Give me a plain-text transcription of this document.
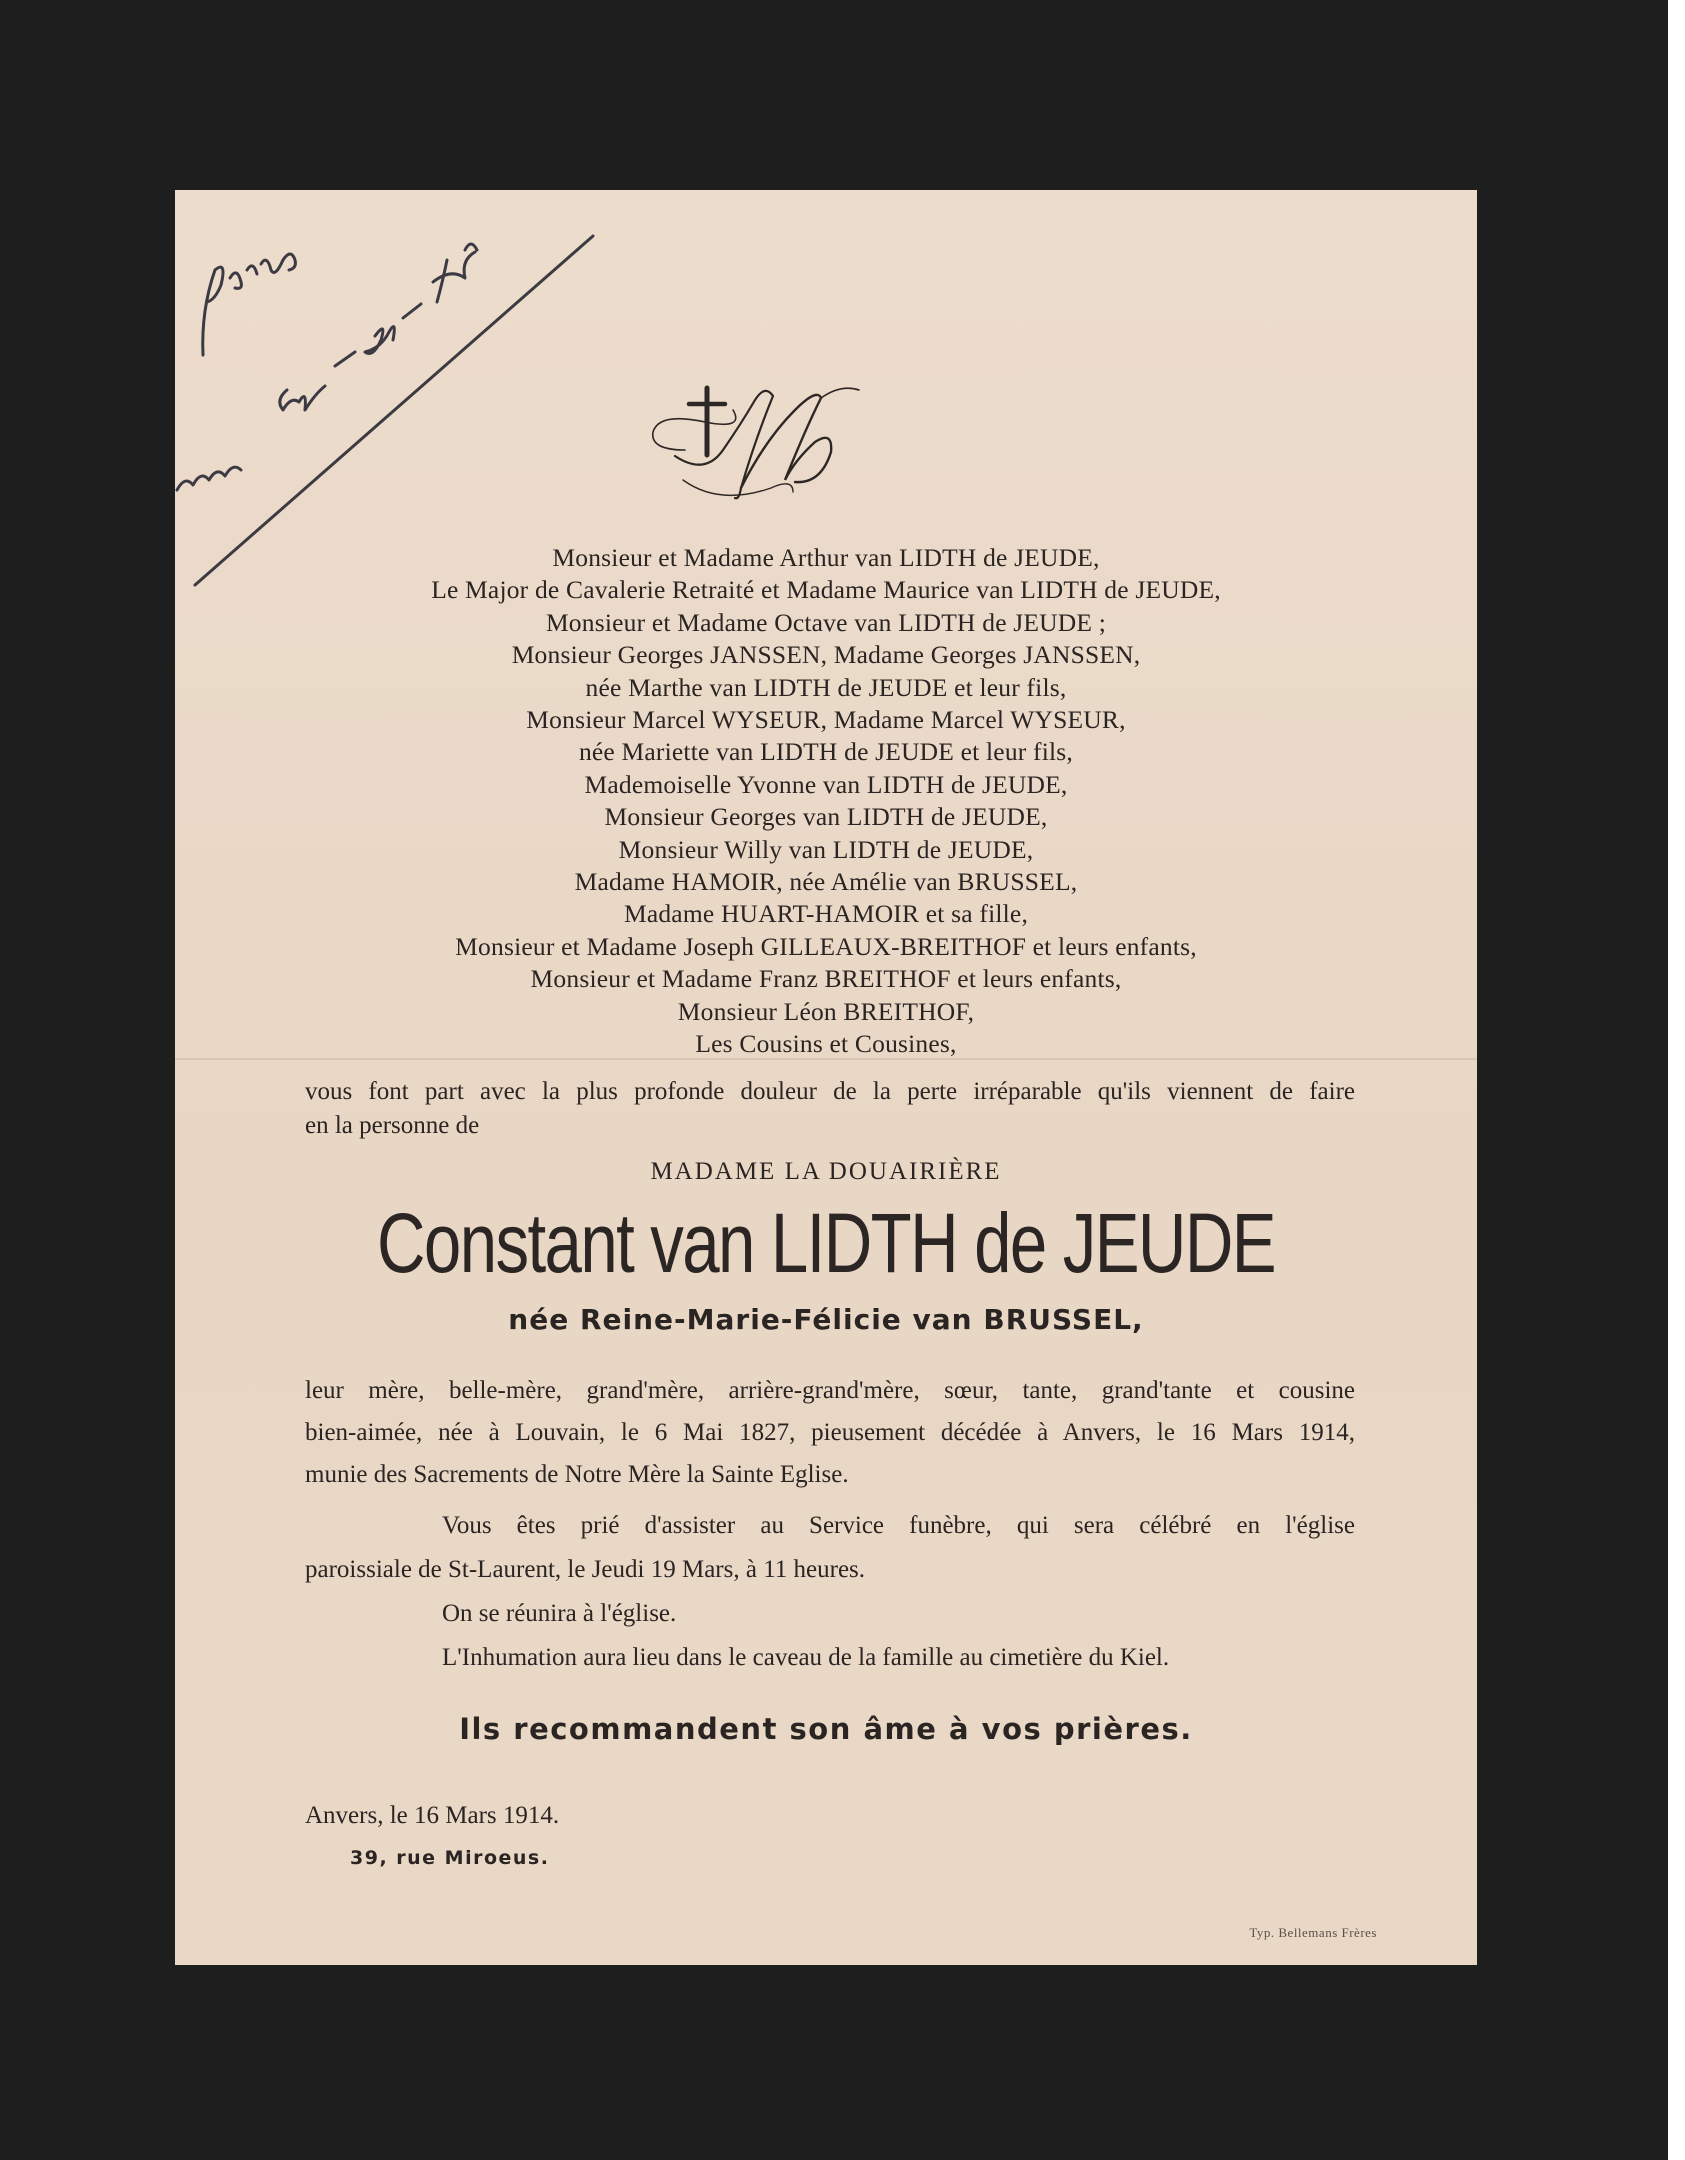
Monsieur et Madame Arthur van LIDTH de JEUDE,
Le Major de Cavalerie Retraité et Madame Maurice van LIDTH de JEUDE,
Monsieur et Madame Octave van LIDTH de JEUDE ;
Monsieur Georges JANSSEN, Madame Georges JANSSEN,
née Marthe van LIDTH de JEUDE et leur fils,
Monsieur Marcel WYSEUR, Madame Marcel WYSEUR,
née Mariette van LIDTH de JEUDE et leur fils,
Mademoiselle Yvonne van LIDTH de JEUDE,
Monsieur Georges van LIDTH de JEUDE,
Monsieur Willy van LIDTH de JEUDE,
Madame HAMOIR, née Amélie van BRUSSEL,
Madame HUART-HAMOIR et sa fille,
Monsieur et Madame Joseph GILLEAUX-BREITHOF et leurs enfants,
Monsieur et Madame Franz BREITHOF et leurs enfants,
Monsieur Léon BREITHOF,
Les Cousins et Cousines,
vous font part avec la plus profonde douleur de la perte irréparable qu'ils viennent de faire
en la personne de
MADAME LA DOUAIRIÈRE
Constant van LIDTH de JEUDE
née Reine-Marie-Félicie van BRUSSEL,
leur mère, belle-mère, grand'mère, arrière-grand'mère, sœur, tante, grand'tante et cousine
bien-aimée, née à Louvain, le 6 Mai 1827, pieusement décédée à Anvers, le 16 Mars 1914,
munie des Sacrements de Notre Mère la Sainte Eglise.
Vous êtes prié d'assister au Service funèbre, qui sera célébré en l'église
paroissiale de St-Laurent, le Jeudi 19 Mars, à 11 heures.
On se réunira à l'église.
L'Inhumation aura lieu dans le caveau de la famille au cimetière du Kiel.
Ils recommandent son âme à vos prières.
Anvers, le 16 Mars 1914.
39, rue Miroeus.
Typ. Bellemans Frères
